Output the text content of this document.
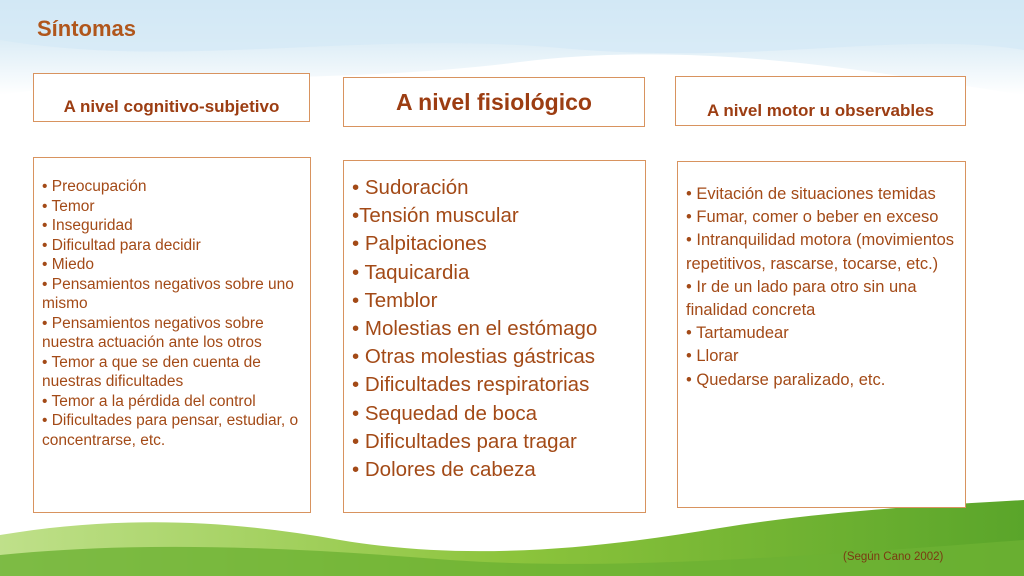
Síntomas
A nivel cognitivo-subjetivo	A nivel fisiológico	A nivel motor u observables
• Preocupación
• Temor
• Inseguridad
• Dificultad para decidir
• Miedo
• Pensamientos negativos sobre uno mismo
• Pensamientos negativos sobre nuestra actuación ante los otros
• Temor a que se den cuenta de nuestras dificultades
• Temor a la pérdida del control
• Dificultades para pensar, estudiar, o concentrarse, etc.
• Sudoración
•Tensión muscular
• Palpitaciones
• Taquicardia
• Temblor
• Molestias en el estómago
• Otras molestias gástricas
• Dificultades respiratorias
• Sequedad de boca
• Dificultades para tragar
• Dolores de cabeza
• Evitación de situaciones temidas
• Fumar, comer o beber en exceso
• Intranquilidad motora (movimientos repetitivos, rascarse, tocarse, etc.)
• Ir de un lado para otro sin una finalidad concreta
• Tartamudear
• Llorar
• Quedarse paralizado, etc.
(Según Cano 2002)
